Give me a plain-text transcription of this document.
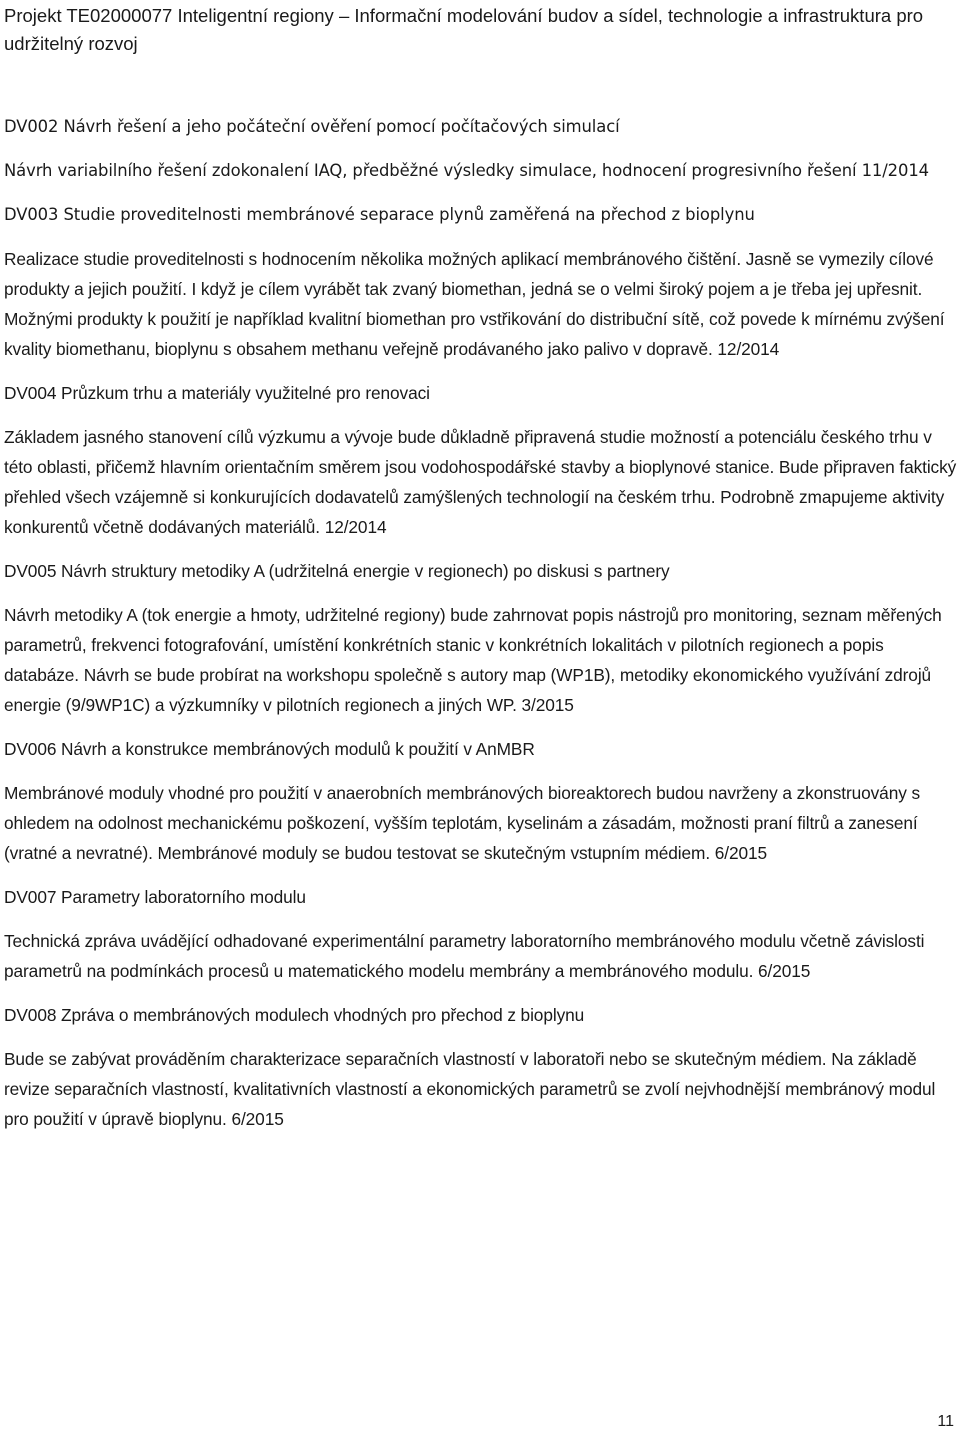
Projekt TE02000077 Inteligentní regiony – Informační modelování budov a sídel, technologie a infrastruktura pro udržitelný rozvoj

DV002 Návrh řešení a jeho počáteční ověření pomocí počítačových simulací

Návrh variabilního řešení zdokonalení IAQ, předběžné výsledky simulace, hodnocení progresivního řešení 11/2014

DV003 Studie proveditelnosti membránové separace plynů zaměřená na přechod z bioplynu

Realizace studie proveditelnosti s hodnocením několika možných aplikací membránového čištění. Jasně se vymezily cílové produkty a jejich použití. I když je cílem vyrábět tak zvaný biomethan, jedná se o velmi široký pojem a je třeba jej upřesnit. Možnými produkty k použití je například kvalitní biomethan pro vstřikování do distribuční sítě, což povede k mírnému zvýšení kvality biomethanu, bioplynu s obsahem methanu veřejně prodávaného jako palivo v dopravě. 12/2014

DV004 Průzkum trhu a materiály využitelné pro renovaci

Základem jasného stanovení cílů výzkumu a vývoje bude důkladně připravená studie možností a potenciálu českého trhu v této oblasti, přičemž hlavním orientačním směrem jsou vodohospodářské stavby a bioplynové stanice. Bude připraven faktický přehled všech vzájemně si konkurujících dodavatelů zamýšlených technologií na českém trhu. Podrobně zmapujeme aktivity konkurentů včetně dodávaných materiálů. 12/2014

DV005 Návrh struktury metodiky A (udržitelná energie v regionech) po diskusi s partnery

Návrh metodiky A (tok energie a hmoty, udržitelné regiony) bude zahrnovat popis nástrojů pro monitoring, seznam měřených parametrů, frekvenci fotografování, umístění konkrétních stanic v konkrétních lokalitách v pilotních regionech a popis databáze. Návrh se bude probírat na workshopu společně s autory map (WP1B), metodiky ekonomického využívání zdrojů energie (9/9WP1C) a výzkumníky v pilotních regionech a jiných WP. 3/2015

DV006 Návrh a konstrukce membránových modulů k použití v AnMBR

Membránové moduly vhodné pro použití v anaerobních membránových bioreaktorech budou navrženy a zkonstruovány s ohledem na odolnost mechanickému poškození, vyšším teplotám, kyselinám a zásadám, možnosti praní filtrů a zanesení (vratné a nevratné). Membránové moduly se budou testovat se skutečným vstupním médiem. 6/2015

DV007 Parametry laboratorního modulu

Technická zpráva uvádějící odhadované experimentální parametry laboratorního membránového modulu včetně závislosti parametrů na podmínkách procesů u matematického modelu membrány a membránového modulu. 6/2015

DV008 Zpráva o membránových modulech vhodných pro přechod z bioplynu

Bude se zabývat prováděním charakterizace separačních vlastností v laboratoři nebo se skutečným médiem. Na základě revize separačních vlastností, kvalitativních vlastností a ekonomických parametrů se zvolí nejvhodnější membránový modul pro použití v úpravě bioplynu. 6/2015

11
